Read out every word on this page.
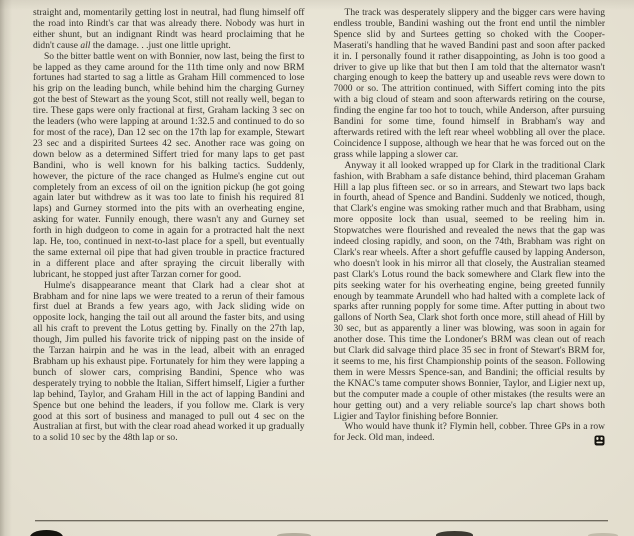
straight and, momentarily getting lost in neutral, had flung himself off the road into Rindt's car that was already there. Nobody was hurt in either shunt, but an indignant Rindt was heard proclaiming that he didn't cause all the damage. . .just one little upright.

So the bitter battle went on with Bonnier, now last, being the first to be lapped as they came around for the 11th time only and now BRM fortunes had started to sag a little as Graham Hill commenced to lose his grip on the leading bunch, while behind him the charging Gurney got the best of Stewart as the young Scot, still not really well, began to tire. These gaps were only fractional at first, Graham lacking 3 sec on the leaders (who were lapping at around 1:32.5 and continued to do so for most of the race), Dan 12 sec on the 17th lap for example, Stewart 23 sec and a dispirited Surtees 42 sec. Another race was going on down below as a determined Siffert tried for many laps to get past Bandini, who is well known for his balking tactics. Suddenly, however, the picture of the race changed as Hulme's engine cut out completely from an excess of oil on the ignition pickup (he got going again later but withdrew as it was too late to finish his required 81 laps) and Gurney stormed into the pits with an overheating engine, asking for water. Funnily enough, there wasn't any and Gurney set forth in high dudgeon to come in again for a protracted halt the next lap. He, too, continued in next-to-last place for a spell, but eventually the same external oil pipe that had given trouble in practice fractured in a different place and after spraying the circuit liberally with lubricant, he stopped just after Tarzan corner for good.

Hulme's disappearance meant that Clark had a clear shot at Brabham and for nine laps we were treated to a rerun of their famous first duel at Brands a few years ago, with Jack sliding wide on opposite lock, hanging the tail out all around the faster bits, and using all his craft to prevent the Lotus getting by. Finally on the 27th lap, though, Jim pulled his favorite trick of nipping past on the inside of the Tarzan hairpin and he was in the lead, albeit with an enraged Brabham up his exhaust pipe. Fortunately for him they were lapping a bunch of slower cars, comprising Bandini, Spence who was desperately trying to nobble the Italian, Siffert himself, Ligier a further lap behind, Taylor, and Graham Hill in the act of lapping Bandini and Spence but one behind the leaders, if you follow me. Clark is very good at this sort of business and managed to pull out 4 sec on the Australian at first, but with the clear road ahead worked it up gradually to a solid 10 sec by the 48th lap or so.

The track was desperately slippery and the bigger cars were having endless trouble, Bandini washing out the front end until the nimbler Spence slid by and Surtees getting so choked with the Cooper-Maserati's handling that he waved Bandini past and soon after packed it in. I personally found it rather disappointing, as John is too good a driver to give up like that but then I am told that the alternator wasn't charging enough to keep the battery up and useable revs were down to 7000 or so. The attrition continued, with Siffert coming into the pits with a big cloud of steam and soon afterwards retiring on the course, finding the engine far too hot to touch, while Anderson, after pursuing Bandini for some time, found himself in Brabham's way and afterwards retired with the left rear wheel wobbling all over the place. Coincidence I suppose, although we hear that he was forced out on the grass while lapping a slower car.

Anyway it all looked wrapped up for Clark in the traditional Clark fashion, with Brabham a safe distance behind, third placeman Graham Hill a lap plus fifteen sec. or so in arrears, and Stewart two laps back in fourth, ahead of Spence and Bandini. Suddenly we noticed, though, that Clark's engine was smoking rather much and that Brabham, using more opposite lock than usual, seemed to be reeling him in. Stopwatches were flourished and revealed the news that the gap was indeed closing rapidly, and soon, on the 74th, Brabham was right on Clark's rear wheels. After a short gefuffle caused by lapping Anderson, who doesn't look in his mirror all that closely, the Australian steamed past Clark's Lotus round the back somewhere and Clark flew into the pits seeking water for his overheating engine, being greeted funnily enough by teammate Arundell who had halted with a complete lack of sparks after running popply for some time. After putting in about two gallons of North Sea, Clark shot forth once more, still ahead of Hill by 30 sec, but as apparently a liner was blowing, was soon in again for another dose. This time the Londoner's BRM was clean out of reach but Clark did salvage third place 35 sec in front of Stewart's BRM for, it seems to me, his first Championship points of the season. Following them in were Messrs Spence-san, and Bandini; the official results by the KNAC's tame computer shows Bonnier, Taylor, and Ligier next up, but the computer made a couple of other mistakes (the results were an hour getting out) and a very reliable source's lap chart shows both Ligier and Taylor finishing before Bonnier.

Who would have thunk it? Flymin hell, cobber. Three GPs in a row for Jeck. Old man, indeed.
